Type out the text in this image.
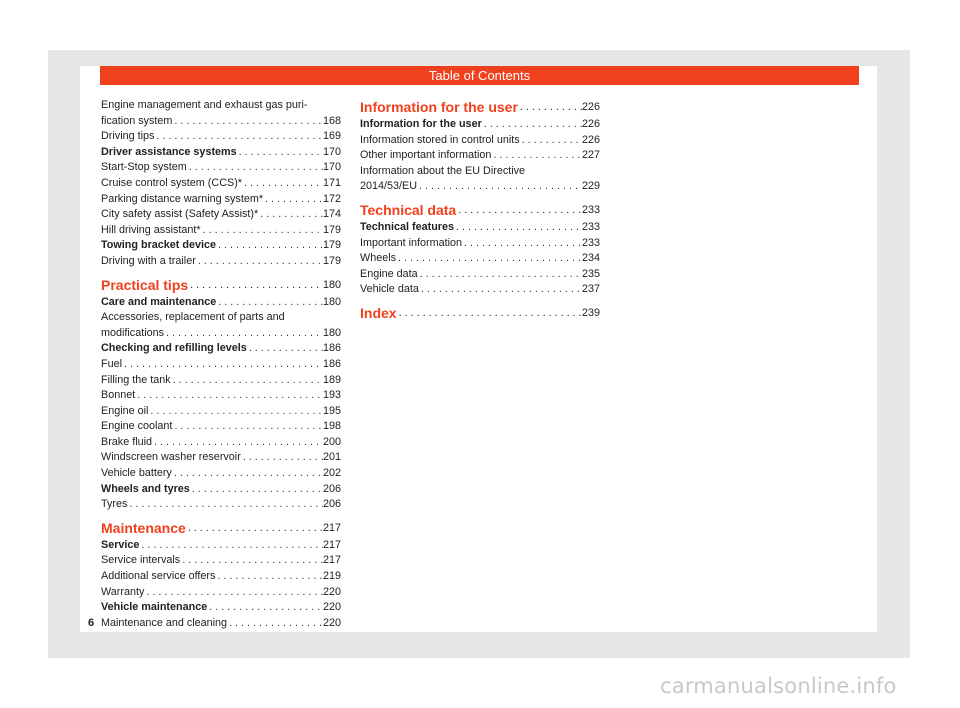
Table of Contents
Engine management and exhaust gas puri-
fication system . . .	168
Driving tips . . .	169
Driver assistance systems . . .	170
Start-Stop system . . .	170
Cruise control system (CCS)* . . .	171
Parking distance warning system* . . .	172
City safety assist (Safety Assist)* . . .	174
Hill driving assistant* . . .	179
Towing bracket device . . .	179
Driving with a trailer . . .	179
Practical tips . . .	180
Care and maintenance . . .	180
Accessories, replacement of parts and
modifications . . .	180
Checking and refilling levels . . .	186
Fuel . . .	186
Filling the tank . . .	189
Bonnet . . .	193
Engine oil . . .	195
Engine coolant . . .	198
Brake fluid . . .	200
Windscreen washer reservoir . . .	201
Vehicle battery . . .	202
Wheels and tyres . . .	206
Tyres . . .	206
Maintenance . . .	217
Service . . .	217
Service intervals . . .	217
Additional service offers . . .	219
Warranty . . .	220
Vehicle maintenance . . .	220
Maintenance and cleaning . . .	220
Information for the user . . .	226
Information for the user . . .	226
Information stored in control units . . .	226
Other important information . . .	227
Information about the EU Directive
2014/53/EU . . .	229
Technical data . . .	233
Technical features . . .	233
Important information . . .	233
Wheels . . .	234
Engine data . . .	235
Vehicle data . . .	237
Index . . .	239
6
carmanualsonline.info
